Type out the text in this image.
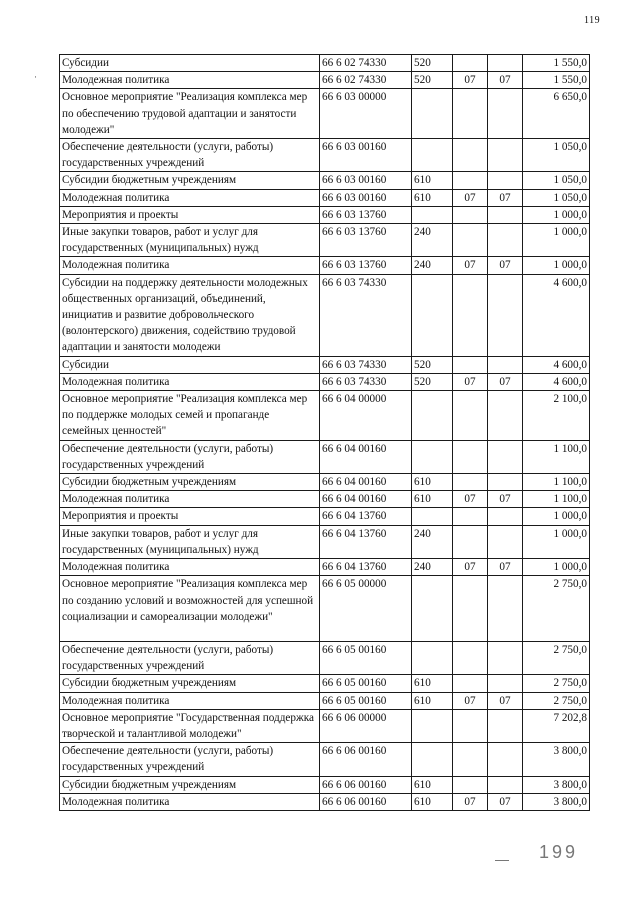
119
·
Субсидии	66 6 02 74330	520			1 550,0
Молодежная политика	66 6 02 74330	520	07	07	1 550,0
Основное мероприятие "Реализация комплекса мер по обеспечению трудовой адаптации и занятости молодежи"	66 6 03 00000				6 650,0
Обеспечение деятельности (услуги, работы) государственных учреждений	66 6 03 00160				1 050,0
Субсидии бюджетным учреждениям	66 6 03 00160	610			1 050,0
Молодежная политика	66 6 03 00160	610	07	07	1 050,0
Мероприятия и проекты	66 6 03 13760				1 000,0
Иные закупки товаров, работ и услуг для государственных (муниципальных) нужд	66 6 03 13760	240			1 000,0
Молодежная политика	66 6 03 13760	240	07	07	1 000,0
Субсидии на поддержку деятельности молодежных общественных организаций, объединений, инициатив и развитие добровольческого (волонтерского) движения, содействию трудовой адаптации и занятости молодежи	66 6 03 74330				4 600,0
Субсидии	66 6 03 74330	520			4 600,0
Молодежная политика	66 6 03 74330	520	07	07	4 600,0
Основное мероприятие "Реализация комплекса мер по поддержке молодых семей и пропаганде семейных ценностей"	66 6 04 00000				2 100,0
Обеспечение деятельности (услуги, работы) государственных учреждений	66 6 04 00160				1 100,0
Субсидии бюджетным учреждениям	66 6 04 00160	610			1 100,0
Молодежная политика	66 6 04 00160	610	07	07	1 100,0
Мероприятия и проекты	66 6 04 13760				1 000,0
Иные закупки товаров, работ и услуг для государственных (муниципальных) нужд	66 6 04 13760	240			1 000,0
Молодежная политика	66 6 04 13760	240	07	07	1 000,0
Основное мероприятие "Реализация комплекса мер по созданию условий и возможностей для успешной социализации и самореализации молодежи"	66 6 05 00000				2 750,0
Обеспечение деятельности (услуги, работы) государственных учреждений	66 6 05 00160				2 750,0
Субсидии бюджетным учреждениям	66 6 05 00160	610			2 750,0
Молодежная политика	66 6 05 00160	610	07	07	2 750,0
Основное мероприятие "Государственная поддержка творческой и талантливой молодежи"	66 6 06 00000				7 202,8
Обеспечение деятельности (услуги, работы) государственных учреждений	66 6 06 00160				3 800,0
Субсидии бюджетным учреждениям	66 6 06 00160	610			3 800,0
Молодежная политика	66 6 06 00160	610	07	07	3 800,0
199
